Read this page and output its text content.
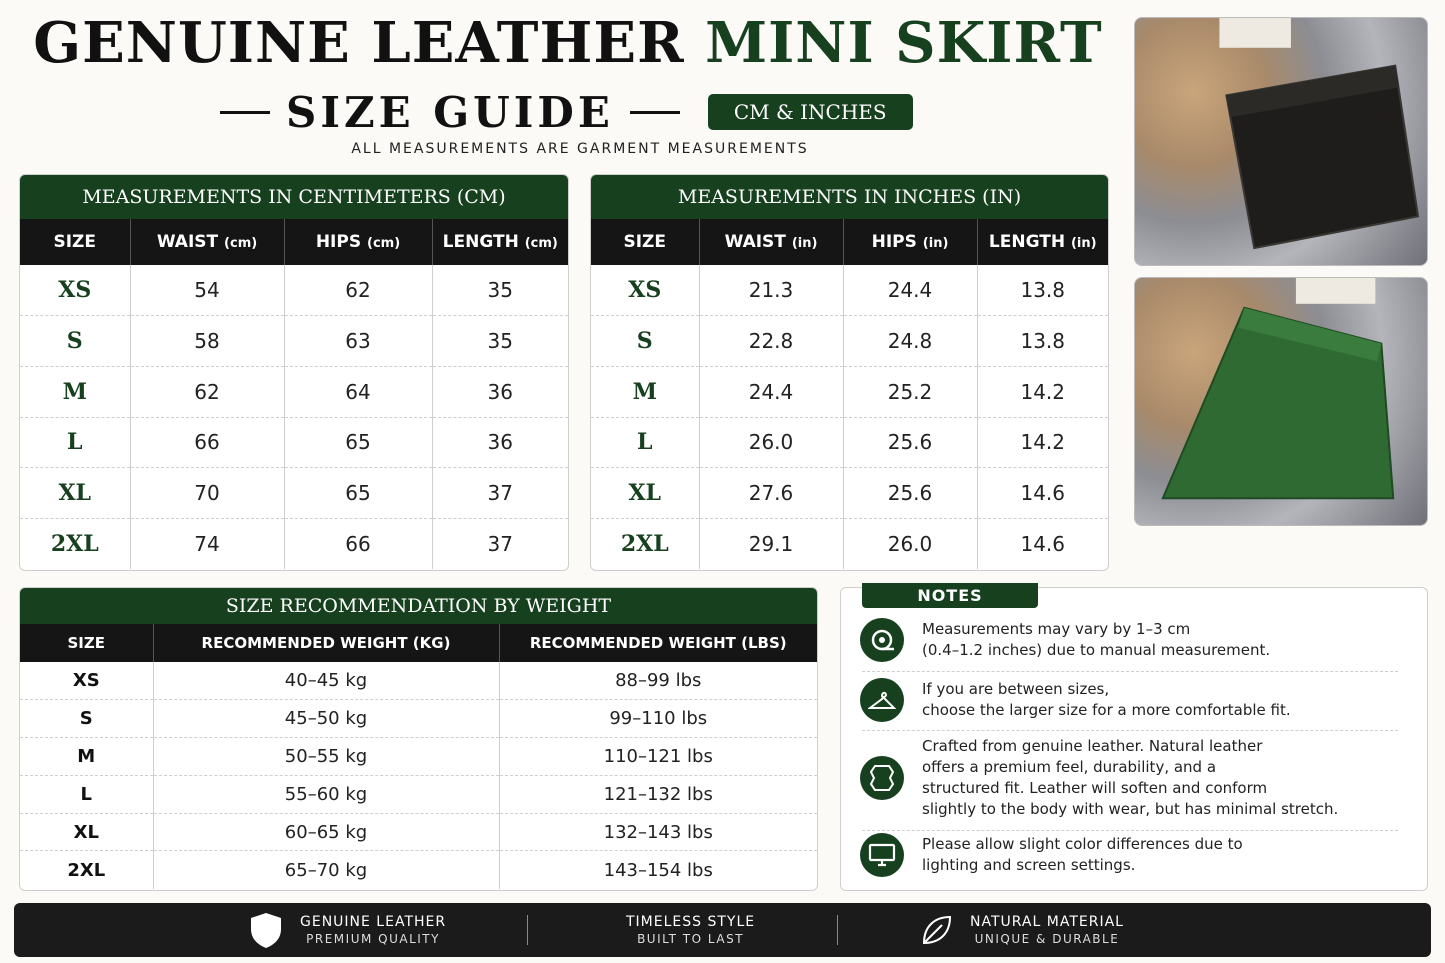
GENUINE LEATHER MINI SKIRT
SIZE GUIDE	CM & INCHES
ALL MEASUREMENTS ARE GARMENT MEASUREMENTS
MEASUREMENTS IN CENTIMETERS (CM)
SIZE	WAIST (cm)	HIPS (cm)	LENGTH (cm)
XS	54	62	35
S	58	63	35
M	62	64	36
L	66	65	36
XL	70	65	37
2XL	74	66	37
MEASUREMENTS IN INCHES (IN)
SIZE	WAIST (in)	HIPS (in)	LENGTH (in)
XS	21.3	24.4	13.8
S	22.8	24.8	13.8
M	24.4	25.2	14.2
L	26.0	25.6	14.2
XL	27.6	25.6	14.6
2XL	29.1	26.0	14.6
SIZE RECOMMENDATION BY WEIGHT
SIZE	RECOMMENDED WEIGHT (KG)	RECOMMENDED WEIGHT (LBS)
XS	40–45 kg	88–99 lbs
S	45–50 kg	99–110 lbs
M	50–55 kg	110–121 lbs
L	55–60 kg	121–132 lbs
XL	60–65 kg	132–143 lbs
2XL	65–70 kg	143–154 lbs
NOTES

Measurements may vary by 1–3 cm
(0.4–1.2 inches) due to manual measurement.

If you are between sizes,
choose the larger size for a more comfortable fit.

Crafted from genuine leather. Natural leather
offers a premium feel, durability, and a
structured fit. Leather will soften and conform
slightly to the body with wear, but has minimal stretch.

Please allow slight color differences due to
lighting and screen settings.

GENUINE LEATHER
PREMIUM QUALITY
TIMELESS STYLE
BUILT TO LAST
NATURAL MATERIAL
UNIQUE & DURABLE
